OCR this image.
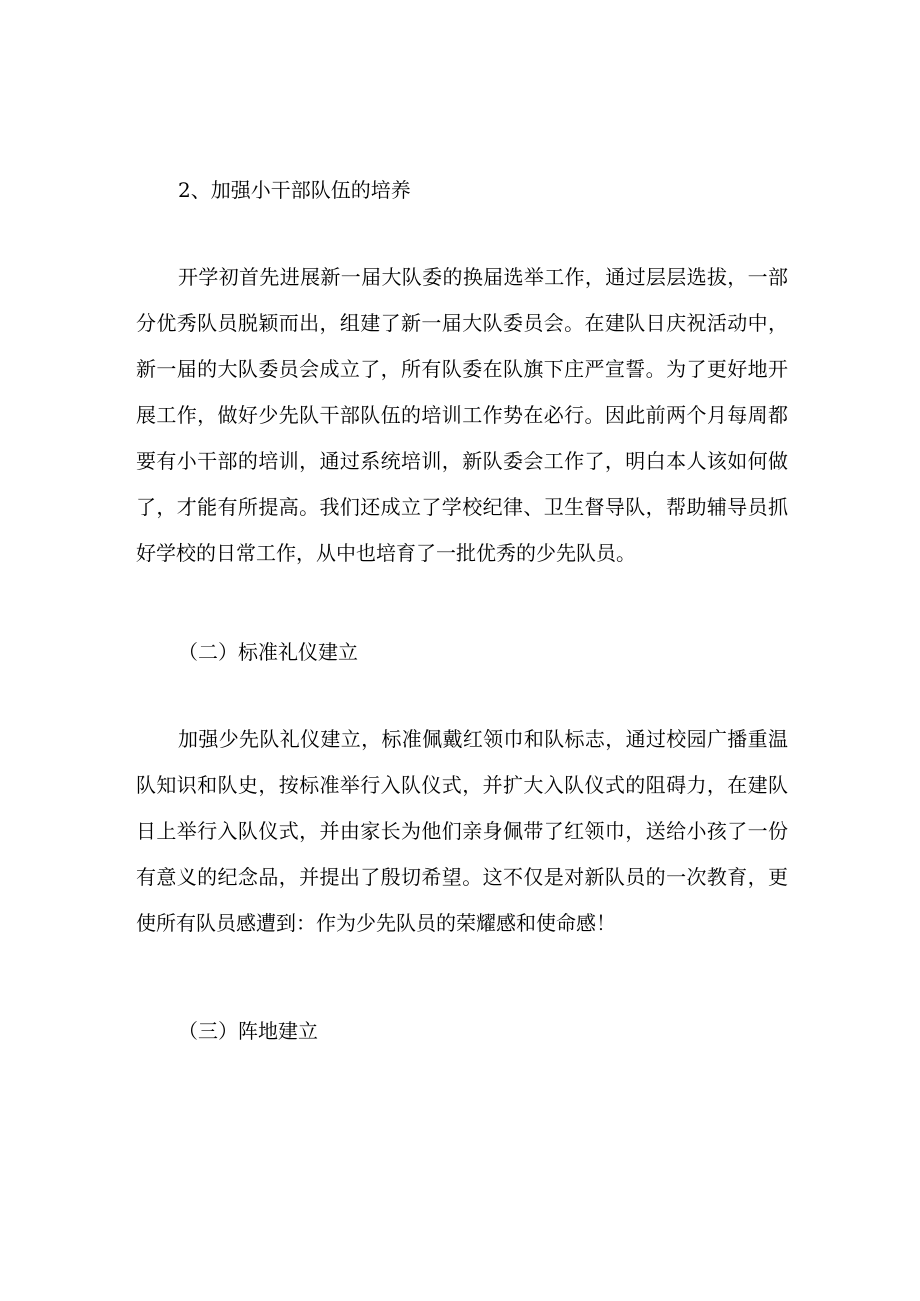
2、加强小干部队伍的培养
开学初首先进展新一届大队委的换届选举工作，通过层层选拔，一部
分优秀队员脱颖而出，组建了新一届大队委员会。在建队日庆祝活动中，
新一届的大队委员会成立了，所有队委在队旗下庄严宣誓。为了更好地开
展工作，做好少先队干部队伍的培训工作势在必行。因此前两个月每周都
要有小干部的培训，通过系统培训，新队委会工作了，明白本人该如何做
了，才能有所提高。我们还成立了学校纪律、卫生督导队，帮助辅导员抓
好学校的日常工作，从中也培育了一批优秀的少先队员。
（二）标准礼仪建立
加强少先队礼仪建立，标准佩戴红领巾和队标志，通过校园广播重温
队知识和队史，按标准举行入队仪式，并扩大入队仪式的阻碍力，在建队
日上举行入队仪式，并由家长为他们亲身佩带了红领巾，送给小孩了一份
有意义的纪念品，并提出了殷切希望。这不仅是对新队员的一次教育，更
使所有队员感遭到：作为少先队员的荣耀感和使命感！
（三）阵地建立
